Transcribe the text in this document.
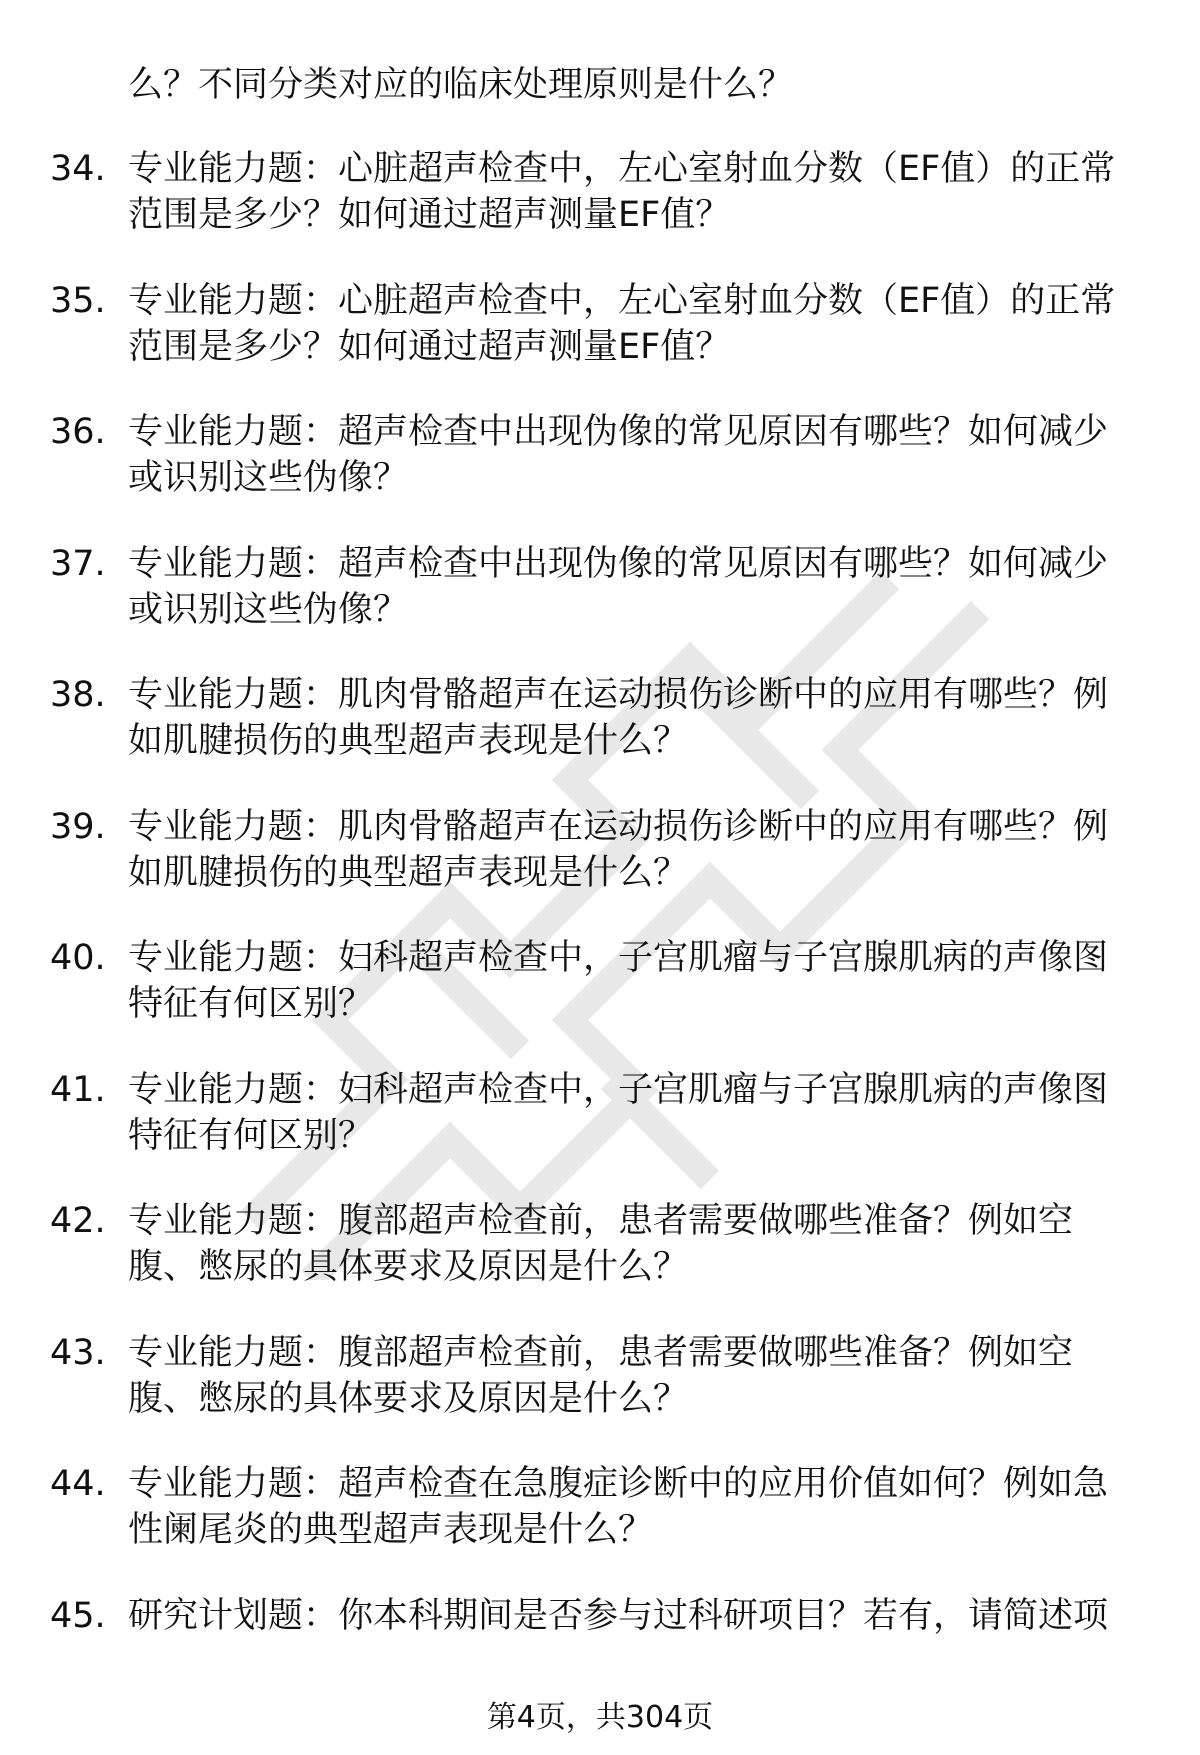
么？不同分类对应的临床处理原则是什么？
34. 专业能力题：心脏超声检查中，左心室射血分数（EF值）的正常
范围是多少？如何通过超声测量EF值？
35. 专业能力题：心脏超声检查中，左心室射血分数（EF值）的正常
范围是多少？如何通过超声测量EF值？
36. 专业能力题：超声检查中出现伪像的常见原因有哪些？如何减少
或识别这些伪像？
37. 专业能力题：超声检查中出现伪像的常见原因有哪些？如何减少
或识别这些伪像？
38. 专业能力题：肌肉骨骼超声在运动损伤诊断中的应用有哪些？例
如肌腱损伤的典型超声表现是什么？
39. 专业能力题：肌肉骨骼超声在运动损伤诊断中的应用有哪些？例
如肌腱损伤的典型超声表现是什么？
40. 专业能力题：妇科超声检查中，子宫肌瘤与子宫腺肌病的声像图
特征有何区别？
41. 专业能力题：妇科超声检查中，子宫肌瘤与子宫腺肌病的声像图
特征有何区别？
42. 专业能力题：腹部超声检查前，患者需要做哪些准备？例如空
腹、憋尿的具体要求及原因是什么？
43. 专业能力题：腹部超声检查前，患者需要做哪些准备？例如空
腹、憋尿的具体要求及原因是什么？
44. 专业能力题：超声检查在急腹症诊断中的应用价值如何？例如急
性阑尾炎的典型超声表现是什么？
45. 研究计划题：你本科期间是否参与过科研项目？若有，请简述项
第4页，共304页
